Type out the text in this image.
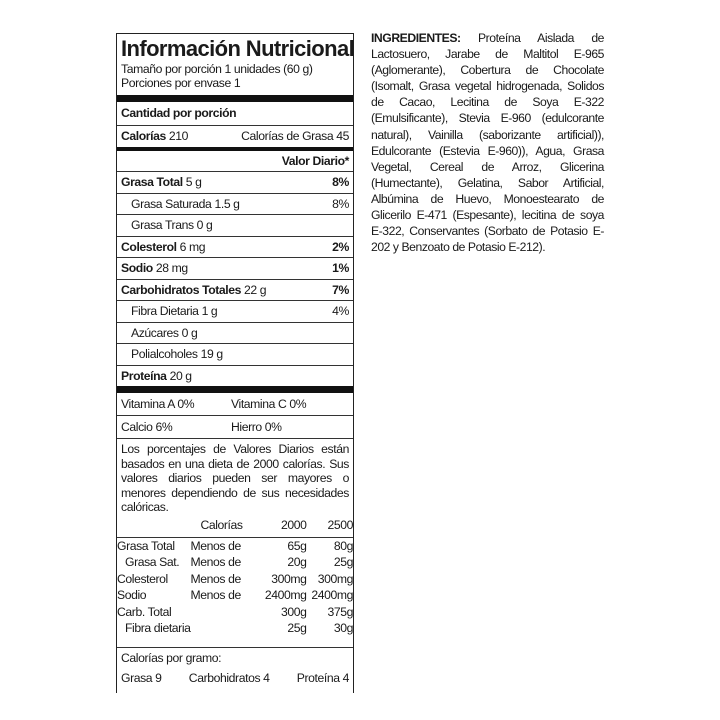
Información Nutricional
Tamaño por porción 1 unidades (60 g)
Porciones por envase 1
Cantidad por porción
Calorías 210	Calorías de Grasa 45
Valor Diario*
Grasa Total 5 g	8%
Grasa Saturada 1.5 g	8%
Grasa Trans 0 g
Colesterol 6 mg	2%
Sodio 28 mg	1%
Carbohidratos Totales 22 g	7%
Fibra Dietaria 1 g	4%
Azúcares 0 g
Polialcoholes 19 g
Proteína 20 g
Vitamina A 0%	Vitamina C 0%
Calcio 6%	Hierro 0%
Los porcentajes de Valores Diarios están basados en una dieta de 2000 calorías. Sus valores diarios pueden ser mayores o menores dependiendo de sus necesidades calóricas.
	Calorías	2000	2500
Grasa Total	Menos de	65g	80g
Grasa Sat.	Menos de	20g	25g
Colesterol	Menos de	300mg	300mg
Sodio	Menos de	2400mg	2400mg
Carb. Total		300g	375g
Fibra dietaria		25g	30g
Calorías por gramo:
Grasa 9 Carbohidratos 4 Proteína 4
INGREDIENTES: Proteína Aislada de Lactosuero, Jarabe de Maltitol E-965 (Aglomerante), Cobertura de Chocolate (Isomalt, Grasa vegetal hidrogenada, Solidos de Cacao, Lecitina de Soya E-322 (Emulsificante), Stevia E-960 (edulcorante natural), Vainilla (saborizante artificial)), Edulcorante (Estevia E-960)), Agua, Grasa Vegetal, Cereal de Arroz, Glicerina (Humectante), Gelatina, Sabor Artificial, Albúmina de Huevo, Monoestearato de Glicerilo E-471 (Espesante), lecitina de soya E-322, Conservantes (Sorbato de Potasio E-202 y Benzoato de Potasio E-212).
